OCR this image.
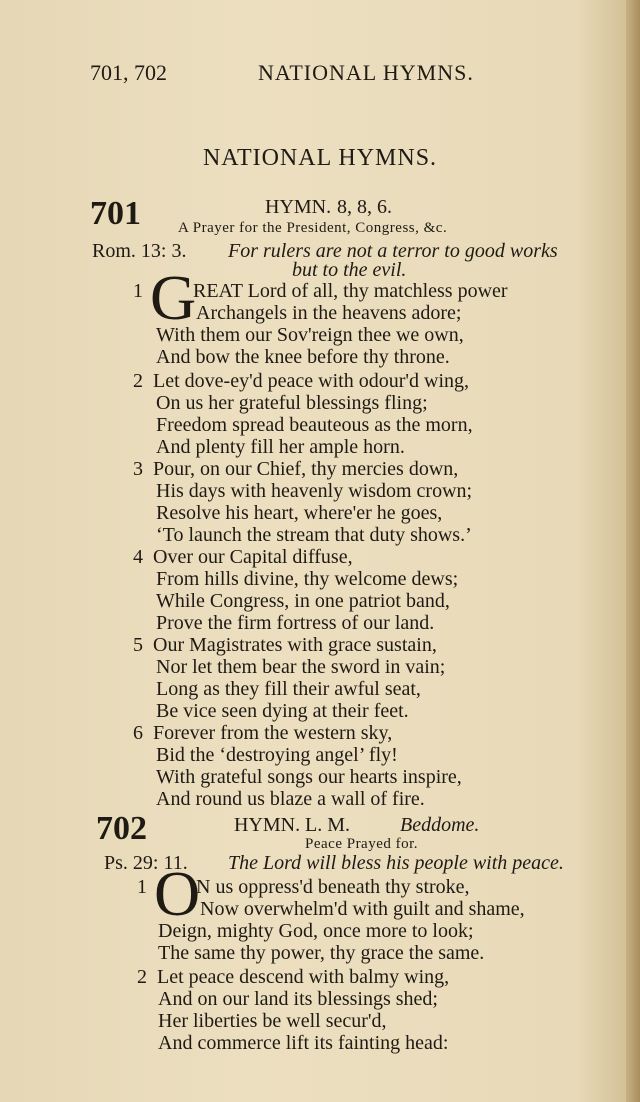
701, 702	NATIONAL HYMNS.
NATIONAL HYMNS.
701	HYMN. 8, 8, 6.
A Prayer for the President, Congress, &c.
Rom. 13: 3. For rulers are not a terror to good works
but to the evil.
1 G
REAT Lord of all, thy matchless power
Archangels in the heavens adore;
With them our Sov'reign thee we own,
And bow the knee before thy throne.
2 Let dove-ey'd peace with odour'd wing,
On us her grateful blessings fling;
Freedom spread beauteous as the morn,
And plenty fill her ample horn.
3 Pour, on our Chief, thy mercies down,
His days with heavenly wisdom crown;
Resolve his heart, where'er he goes,
‘To launch the stream that duty shows.’
4 Over our Capital diffuse,
From hills divine, thy welcome dews;
While Congress, in one patriot band,
Prove the firm fortress of our land.
5 Our Magistrates with grace sustain,
Nor let them bear the sword in vain;
Long as they fill their awful seat,
Be vice seen dying at their feet.
6 Forever from the western sky,
Bid the ‘destroying angel’ fly!
With grateful songs our hearts inspire,
And round us blaze a wall of fire.
702	HYMN. L. M.	Beddome.
Peace Prayed for.
Ps. 29: 11. The Lord will bless his people with peace.
1 O
N us oppress'd beneath thy stroke,
Now overwhelm'd with guilt and shame,
Deign, mighty God, once more to look;
The same thy power, thy grace the same.
2 Let peace descend with balmy wing,
And on our land its blessings shed;
Her liberties be well secur'd,
And commerce lift its fainting head:
